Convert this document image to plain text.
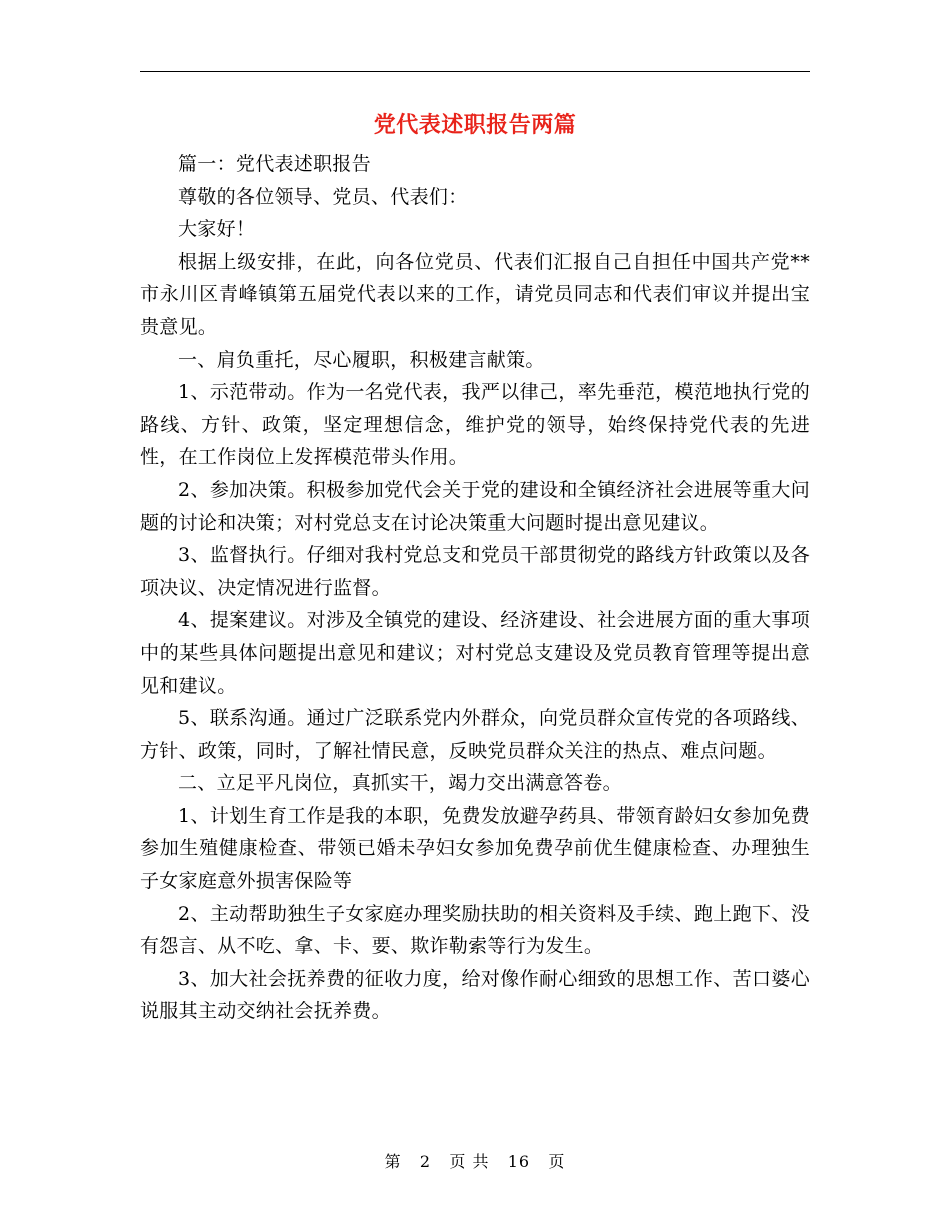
党代表述职报告两篇

篇一：党代表述职报告

尊敬的各位领导、党员、代表们：

大家好！

根据上级安排，在此，向各位党员、代表们汇报自己自担任中国共产党**市永川区青峰镇第五届党代表以来的工作，请党员同志和代表们审议并提出宝贵意见。

一、肩负重托，尽心履职，积极建言献策。

1、示范带动。作为一名党代表，我严以律己，率先垂范，模范地执行党的路线、方针、政策，坚定理想信念，维护党的领导，始终保持党代表的先进性，在工作岗位上发挥模范带头作用。

2、参加决策。积极参加党代会关于党的建设和全镇经济社会进展等重大问题的讨论和决策；对村党总支在讨论决策重大问题时提出意见建议。

3、监督执行。仔细对我村党总支和党员干部贯彻党的路线方针政策以及各项决议、决定情况进行监督。

4、提案建议。对涉及全镇党的建设、经济建设、社会进展方面的重大事项中的某些具体问题提出意见和建议；对村党总支建设及党员教育管理等提出意见和建议。

5、联系沟通。通过广泛联系党内外群众，向党员群众宣传党的各项路线、方针、政策，同时，了解社情民意，反映党员群众关注的热点、难点问题。

二、立足平凡岗位，真抓实干，竭力交出满意答卷。

1、计划生育工作是我的本职，免费发放避孕药具、带领育龄妇女参加免费参加生殖健康检查、带领已婚未孕妇女参加免费孕前优生健康检查、办理独生子女家庭意外损害保险等

2、主动帮助独生子女家庭办理奖励扶助的相关资料及手续、跑上跑下、没有怨言、从不吃、拿、卡、要、欺诈勒索等行为发生。

3、加大社会抚养费的征收力度，给对像作耐心细致的思想工作、苦口婆心说服其主动交纳社会抚养费。

第 2 页 共 16 页
